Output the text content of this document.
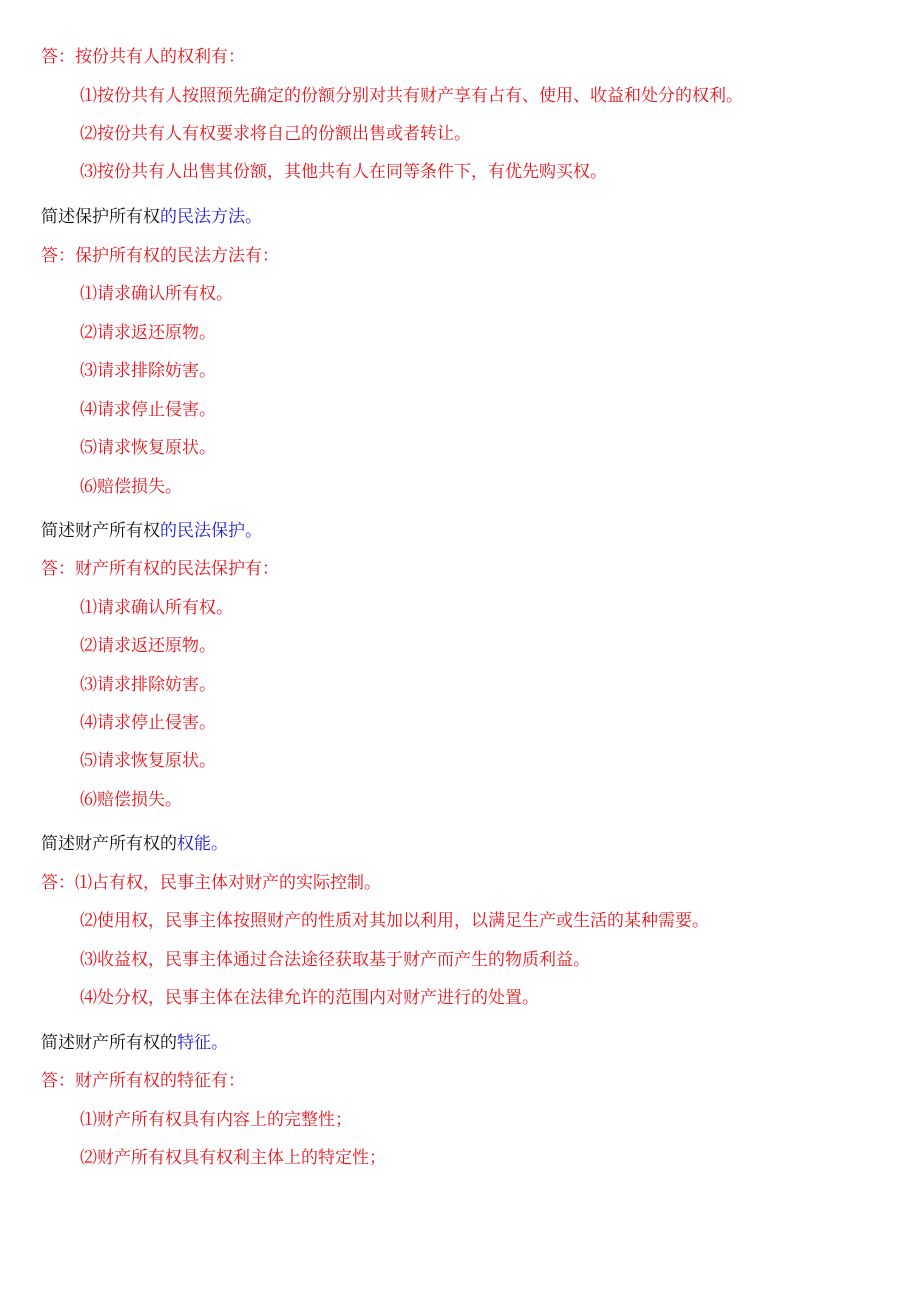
答：按份共有人的权利有：
⑴按份共有人按照预先确定的份额分别对共有财产享有占有、使用、收益和处分的权利。
⑵按份共有人有权要求将自己的份额出售或者转让。
⑶按份共有人出售其份额，其他共有人在同等条件下，有优先购买权。
简述保护所有权的民法方法。
答：保护所有权的民法方法有：
⑴请求确认所有权。
⑵请求返还原物。
⑶请求排除妨害。
⑷请求停止侵害。
⑸请求恢复原状。
⑹赔偿损失。
简述财产所有权的民法保护。
答：财产所有权的民法保护有：
⑴请求确认所有权。
⑵请求返还原物。
⑶请求排除妨害。
⑷请求停止侵害。
⑸请求恢复原状。
⑹赔偿损失。
简述财产所有权的权能。
答：⑴占有权，民事主体对财产的实际控制。
⑵使用权，民事主体按照财产的性质对其加以利用，以满足生产或生活的某种需要。
⑶收益权，民事主体通过合法途径获取基于财产而产生的物质利益。
⑷处分权，民事主体在法律允许的范围内对财产进行的处置。
简述财产所有权的特征。
答：财产所有权的特征有：
⑴财产所有权具有内容上的完整性；
⑵财产所有权具有权利主体上的特定性；
